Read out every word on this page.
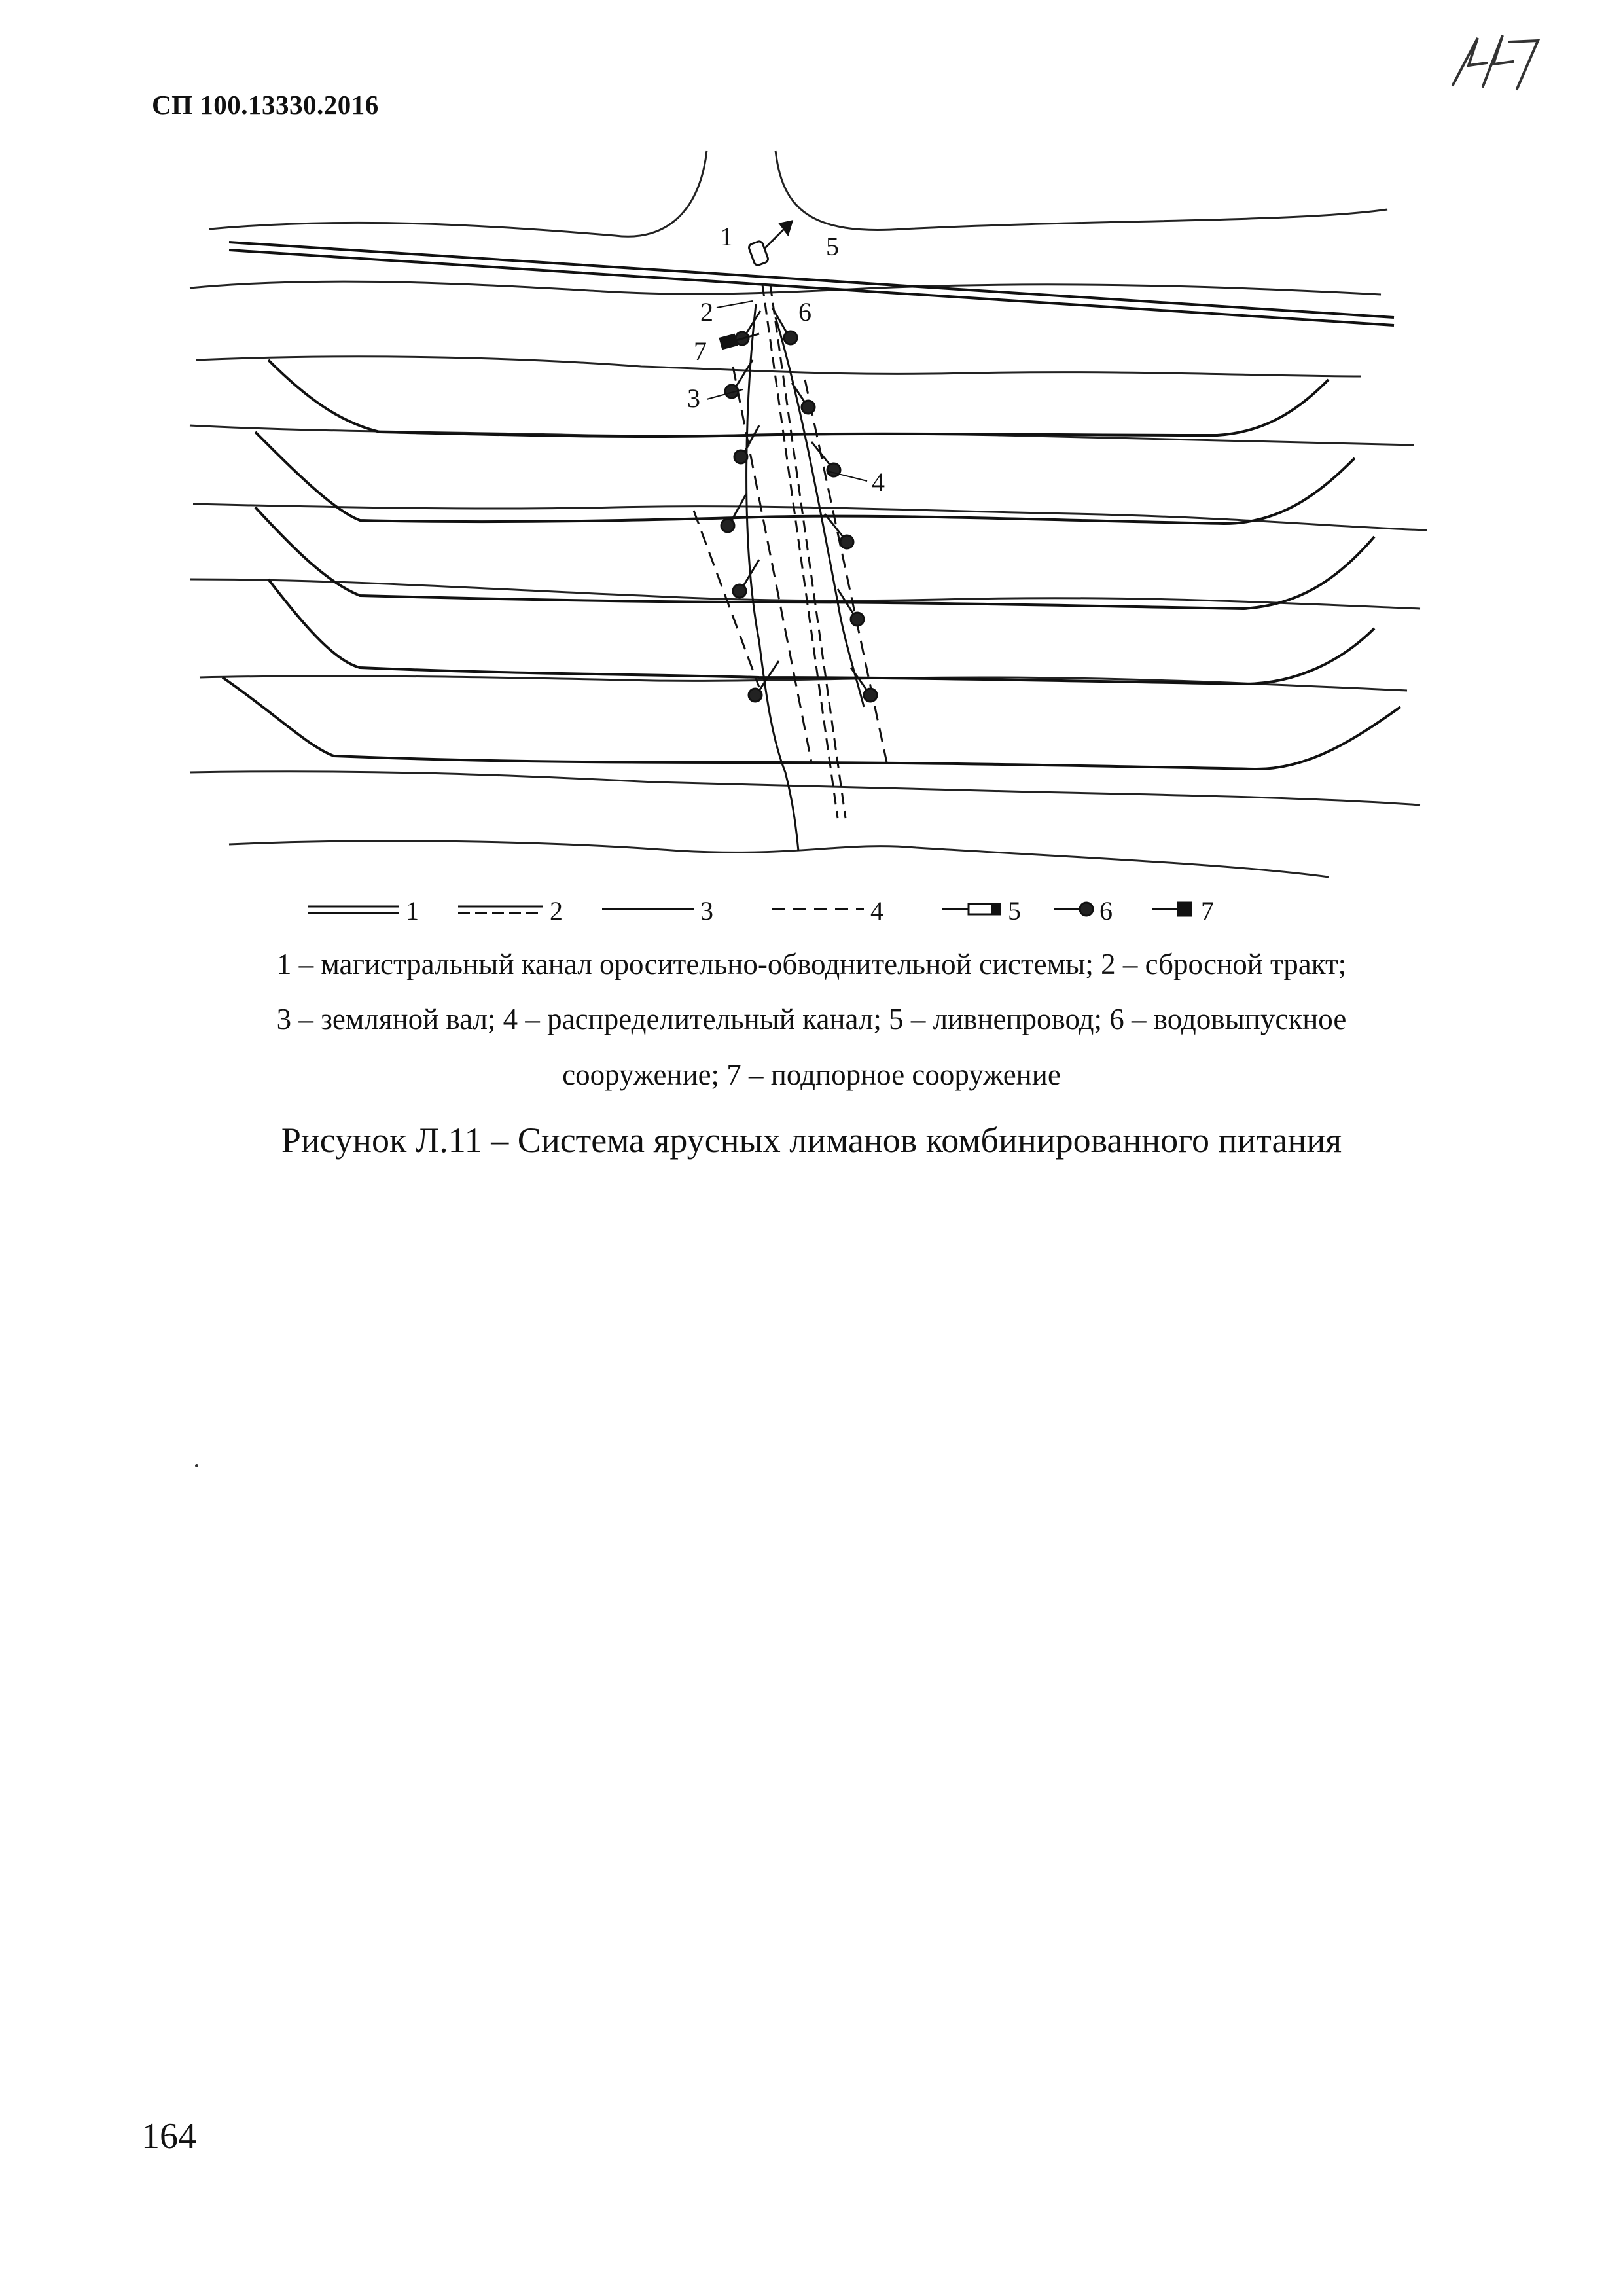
СП 100.13330.2016
1
2
3
4
5
6
7
1	2	3	4	5	6	7
1 – магистральный канал оросительно-обводнительной системы; 2 – сбросной тракт;
3 – земляной вал; 4 – распределительный канал; 5 – ливнепровод; 6 – водовыпускное
сооружение; 7 – подпорное сооружение
Рисунок Л.11 – Система ярусных лиманов комбинированного питания
164
